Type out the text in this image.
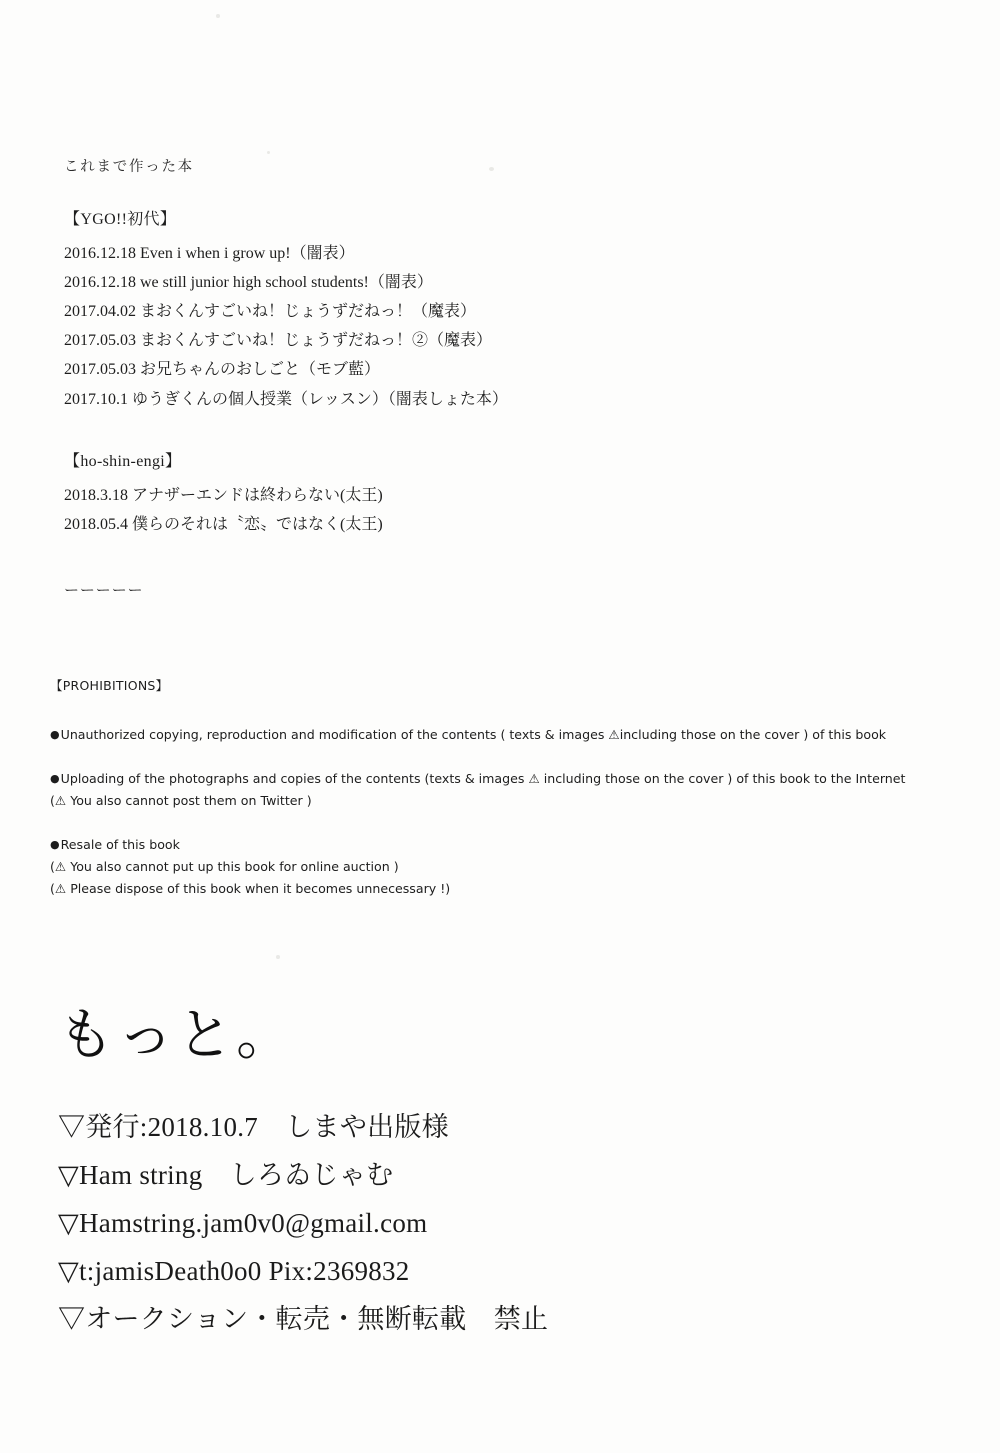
これまで作った本
【YGO!!初代】
2016.12.18 Even i when i grow up!（闇表）
2016.12.18 we still junior high school students!（闇表）
2017.04.02 まおくんすごいね！じょうずだねっ！（魔表）
2017.05.03 まおくんすごいね！じょうずだねっ！②（魔表）
2017.05.03 お兄ちゃんのおしごと（モブ藍）
2017.10.1 ゆうぎくんの個人授業（レッスン）（闇表しょた本）
【ho-shin-engi】
2018.3.18 アナザーエンドは終わらない(太王)
2018.05.4 僕らのそれは〝恋〟ではなく(太王)
ーーーーー
【PROHIBITIONS】
●Unauthorized copying, reproduction and modification of the contents ( texts & images ⚠including those on the cover ) of this book
●Uploading of the photographs and copies of the contents (texts & images ⚠ including those on the cover ) of this book to the Internet
(⚠ You also cannot post them on Twitter )
●Resale of this book
(⚠ You also cannot put up this book for online auction )
(⚠ Please dispose of this book when it becomes unnecessary !)
もっと。
▽発行:2018.10.7　しまや出版様
▽Ham string　しろゐじゃむ
▽Hamstring.jam0v0@gmail.com
▽t:jamisDeath0o0 Pix:2369832
▽オークション・転売・無断転載　禁止
